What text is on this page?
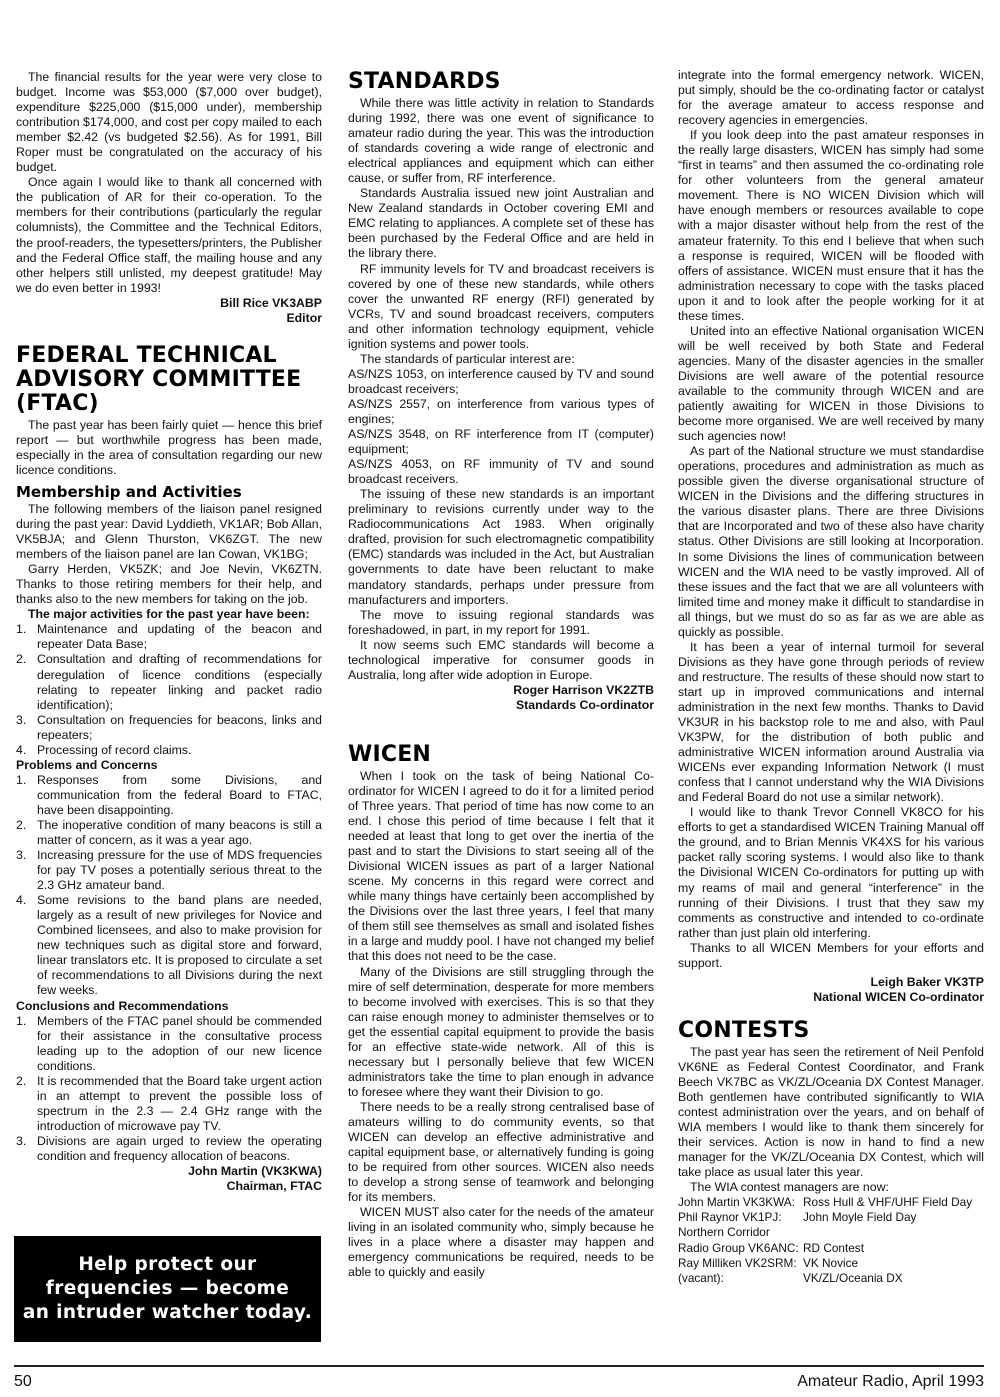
The financial results for the year were very close to budget. Income was $53,000 ($7,000 over budget), expenditure $225,000 ($15,000 under), membership contribution $174,000, and cost per copy mailed to each member $2.42 (vs budgeted $2.56). As for 1991, Bill Roper must be congratulated on the accuracy of his budget.

Once again I would like to thank all concerned with the publication of AR for their co-operation. To the members for their contributions (particularly the regular columnists), the Committee and the Technical Editors, the proof-readers, the typesetters/printers, the Publisher and the Federal Office staff, the mailing house and any other helpers still unlisted, my deepest gratitude! May we do even better in 1993!

Bill Rice VK3ABP

Editor

FEDERAL TECHNICAL ADVISORY COMMITTEE (FTAC)

The past year has been fairly quiet — hence this brief report — but worthwhile progress has been made, especially in the area of consultation regarding our new licence conditions.

Membership and Activities

The following members of the liaison panel resigned during the past year: David Lyddieth, VK1AR; Bob Allan, VK5BJA; and Glenn Thurston, VK6ZGT. The new members of the liaison panel are Ian Cowan, VK1BG;

Garry Herden, VK5ZK; and Joe Nevin, VK6ZTN. Thanks to those retiring members for their help, and thanks also to the new members for taking on the job.

The major activities for the past year have been:

1. Maintenance and updating of the beacon and repeater Data Base;
2. Consultation and drafting of recommendations for deregulation of licence conditions (especially relating to repeater linking and packet radio identification);
3. Consultation on frequencies for beacons, links and repeaters;
4. Processing of record claims.

Problems and Concerns

1. Responses from some Divisions, and communication from the federal Board to FTAC, have been disappointing.
2. The inoperative condition of many beacons is still a matter of concern, as it was a year ago.
3. Increasing pressure for the use of MDS frequencies for pay TV poses a potentially serious threat to the 2.3 GHz amateur band.
4. Some revisions to the band plans are needed, largely as a result of new privileges for Novice and Combined licensees, and also to make provision for new techniques such as digital store and forward, linear translators etc. It is proposed to circulate a set of recommendations to all Divisions during the next few weeks.

Conclusions and Recommendations

1. Members of the FTAC panel should be commended for their assistance in the consultative process leading up to the adoption of our new licence conditions.
2. It is recommended that the Board take urgent action in an attempt to prevent the possible loss of spectrum in the 2.3 — 2.4 GHz range with the introduction of microwave pay TV.
3. Divisions are again urged to review the operating condition and frequency allocation of beacons.

John Martin (VK3KWA)

Chairman, FTAC

Help protect our
frequencies — become
an intruder watcher today.
STANDARDS

While there was little activity in relation to Standards during 1992, there was one event of significance to amateur radio during the year. This was the introduction of standards covering a wide range of electronic and electrical appliances and equipment which can either cause, or suffer from, RF interference.

Standards Australia issued new joint Australian and New Zealand standards in October covering EMI and EMC relating to appliances. A complete set of these has been purchased by the Federal Office and are held in the library there.

RF immunity levels for TV and broadcast receivers is covered by one of these new standards, while others cover the unwanted RF energy (RFI) generated by VCRs, TV and sound broadcast receivers, computers and other information technology equipment, vehicle ignition systems and power tools.

The standards of particular interest are:

AS/NZS 1053, on interference caused by TV and sound broadcast receivers;

AS/NZS 2557, on interference from various types of engines;

AS/NZS 3548, on RF interference from IT (computer) equipment;

AS/NZS 4053, on RF immunity of TV and sound broadcast receivers.

The issuing of these new standards is an important preliminary to revisions currently under way to the Radiocommunications Act 1983. When originally drafted, provision for such electromagnetic compatibility (EMC) standards was included in the Act, but Australian governments to date have been reluctant to make mandatory standards, perhaps under pressure from manufacturers and importers.

The move to issuing regional standards was foreshadowed, in part, in my report for 1991.

It now seems such EMC standards will become a technological imperative for consumer goods in Australia, long after wide adoption in Europe.

Roger Harrison VK2ZTB

Standards Co-ordinator

WICEN

When I took on the task of being National Co-ordinator for WICEN I agreed to do it for a limited period of Three years. That period of time has now come to an end. I chose this period of time because I felt that it needed at least that long to get over the inertia of the past and to start the Divisions to start seeing all of the Divisional WICEN issues as part of a larger National scene. My concerns in this regard were correct and while many things have certainly been accomplished by the Divisions over the last three years, I feel that many of them still see themselves as small and isolated fishes in a large and muddy pool. I have not changed my belief that this does not need to be the case.

Many of the Divisions are still struggling through the mire of self determination, desperate for more members to become involved with exercises. This is so that they can raise enough money to administer themselves or to get the essential capital equipment to provide the basis for an effective state-wide network. All of this is necessary but I personally believe that few WICEN administrators take the time to plan enough in advance to foresee where they want their Division to go.

There needs to be a really strong centralised base of amateurs willing to do community events, so that WICEN can develop an effective administrative and capital equipment base, or alternatively funding is going to be required from other sources. WICEN also needs to develop a strong sense of teamwork and belonging for its members.

WICEN MUST also cater for the needs of the amateur living in an isolated community who, simply because he lives in a place where a disaster may happen and emergency communications be required, needs to be able to quickly and easily

integrate into the formal emergency network. WICEN, put simply, should be the co-ordinating factor or catalyst for the average amateur to access response and recovery agencies in emergencies.

If you look deep into the past amateur responses in the really large disasters, WICEN has simply had some “first in teams” and then assumed the co-ordinating role for other volunteers from the general amateur movement. There is NO WICEN Division which will have enough members or resources available to cope with a major disaster without help from the rest of the amateur fraternity. To this end I believe that when such a response is required, WICEN will be flooded with offers of assistance. WICEN must ensure that it has the administration necessary to cope with the tasks placed upon it and to look after the people working for it at these times.

United into an effective National organisation WICEN will be well received by both State and Federal agencies. Many of the disaster agencies in the smaller Divisions are well aware of the potential resource available to the community through WICEN and are patiently awaiting for WICEN in those Divisions to become more organised. We are well received by many such agencies now!

As part of the National structure we must standardise operations, procedures and administration as much as possible given the diverse organisational structure of WICEN in the Divisions and the differing structures in the various disaster plans. There are three Divisions that are Incorporated and two of these also have charity status. Other Divisions are still looking at Incorporation. In some Divisions the lines of communication between WICEN and the WIA need to be vastly improved. All of these issues and the fact that we are all volunteers with limited time and money make it difficult to standardise in all things, but we must do so as far as we are able as quickly as possible.

It has been a year of internal turmoil for several Divisions as they have gone through periods of review and restructure. The results of these should now start to start up in improved communications and internal administration in the next few months. Thanks to David VK3UR in his backstop role to me and also, with Paul VK3PW, for the distribution of both public and administrative WICEN information around Australia via WICENs ever expanding Information Network (I must confess that I cannot understand why the WIA Divisions and Federal Board do not use a similar network).

I would like to thank Trevor Connell VK8CO for his efforts to get a standardised WICEN Training Manual off the ground, and to Brian Mennis VK4XS for his various packet rally scoring systems. I would also like to thank the Divisional WICEN Co-ordinators for putting up with my reams of mail and general “interference” in the running of their Divisions. I trust that they saw my comments as constructive and intended to co-ordinate rather than just plain old interfering.

Thanks to all WICEN Members for your efforts and support.

Leigh Baker VK3TP

National WICEN Co-ordinator

CONTESTS

The past year has seen the retirement of Neil Penfold VK6NE as Federal Contest Coordinator, and Frank Beech VK7BC as VK/ZL/Oceania DX Contest Manager. Both gentlemen have contributed significantly to WIA contest administration over the years, and on behalf of WIA members I would like to thank them sincerely for their services. Action is now in hand to find a new manager for the VK/ZL/Oceania DX Contest, which will take place as usual later this year.

The WIA contest managers are now:

John Martin VK3KWA: Ross Hull & VHF/UHF Field Day
Phil Raynor VK1PJ:	John Moyle Field Day
Northern Corridor
Radio Group VK6ANC: RD Contest
Ray Milliken VK2SRM: VK Novice
(vacant):	VK/ZL/Oceania DX
50	Amateur Radio, April 1993
